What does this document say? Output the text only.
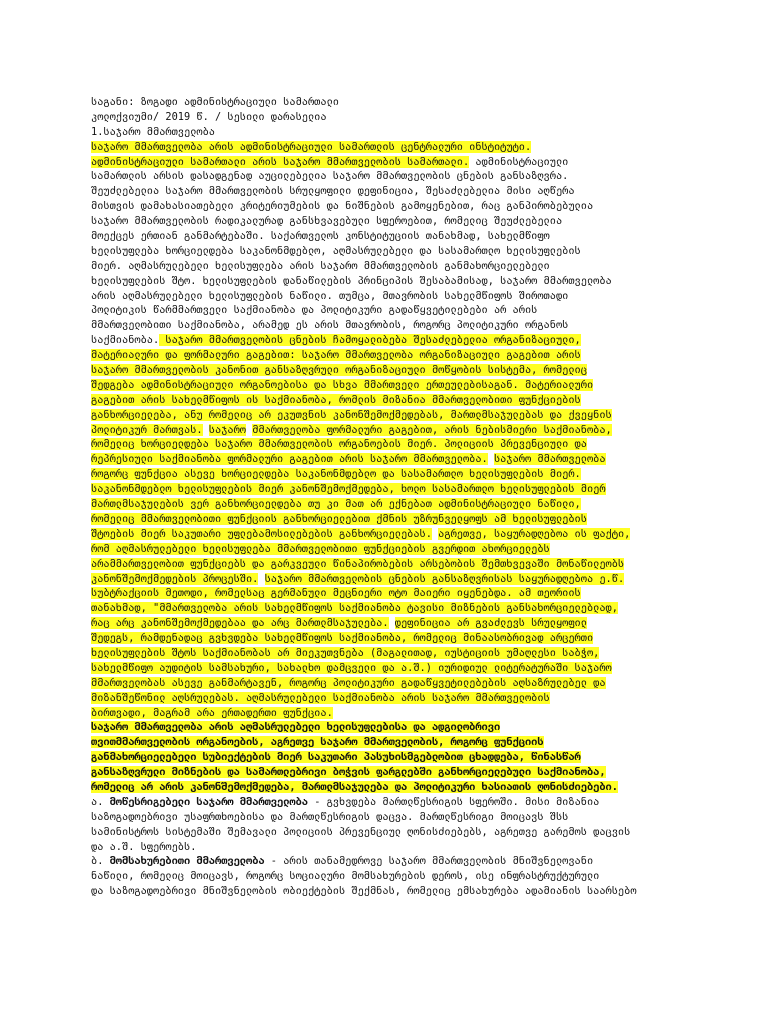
საგანი: ზოგადი ადმინისტრაციული სამართალი
კოლოქვიუმი/ 2019 წ. / სესილი დარასელია
1.საჯარო მმართველობა
საჯარო მმართველობა არის ადმინისტრაციული სამართლის ცენტრალური ინსტიტუტი.
ადმინისტრაციული სამართალი არის საჯარო მმართველობის სამართალი. ადმინისტრაციული
სამართლის არსის დასადგენად აუცილებელია საჯარო მმართველობის ცნების განსაზღვრა.
შეუძლებელია საჯარო მმართველობის სრულყოფილი დეფინიცია, შესაძლებელია მისი აღწერა
მისთვის დამახასიათებელი კრიტერიუმების და ნიშნების გამოყენებით, რაც განპირობებულია
საჯარო მმართველობის რადიკალურად განსხვავებული სფეროებით, რომელიც შეუძლებელია
მოექცეს ერთიან განმარტებაში. საქართველოს კონსტიტუციის თანახმად, სახელმწიფო
ხელისუფლება ხორციელდება საკანონმდებლო, აღმასრულებელი და სასამართლო ხელისუფლების
მიერ. აღმასრულებელი ხელისუფლება არის საჯარო მმართველობის განმახორციელებელი
ხელისუფლების შტო. ხელისუფლების დანაწილების პრინციპის შესაბამისად, საჯარო მმართველობა
არის აღმასრულებელი ხელისუფლების ნაწილი. თუმცა, მთავრობის სახელმწიფოს შიროთადი
პოლიტიკის წარმმართველი საქმიანობა და პოლიტიკური გადაწყვეტილებები არ არის
მმართველობითი საქმიანობა, არამედ ეს არის მთავრობის, როგორც პოლიტიკური ორგანოს
საქმიანობა. საჯარო მმართველობის ცნების ჩამოყალიბება შესაძლებელია ორგანიზაციული,
მატერიალური და ფორმალური გაგებით: საჯარო მმართველობა ორგანიზაციული გაგებით არის
საჯარო მმართველობის კანონით განსაზღვრული ორგანიზაციული მოწყობის სისტემა, რომელიც
შედგება ადმინისტრაციული ორგანოებისა და სხვა მმართველი ერთეულებისაგან. მატერიალური
გაგებით არის სახელმწიფოს ის საქმიანობა, რომლის მიზანია მმართველობითი ფუნქციების
განხორციელება, ანუ რომელიც არ ეკუთვნის კანონშემოქმედებას, მართლმსაჯულებას და ქვეყნის
პოლიტიკურ მართვას. საჯარო მმართველობა ფორმალური გაგებით, არის ნებისმიერი საქმიანობა,
რომელიც ხორციელდება საჯარო მმართველობის ორგანოების მიერ. პოლიციის პრევენციული და
რეპრესიული საქმიანობა ფორმალური გაგებით არის საჯარო მმართველობა. საჯარო მმართველობა
როგორც ფუნქცია ასევე ხორციელდება საკანონმდებლო და სასამართლო ხელისუფლების მიერ.
საკანონმდებლო ხელისუფლების მიერ კანონშემოქმედება, ხოლო სასამართლო ხელისუფლების მიერ
მართლმსაჯულების ვერ განხორციელდება თუ კი მათ არ ექნებათ ადმინისტრაციული ნაწილი,
რომელიც მმართველობითი ფუნქციის განხორციელებით ქმნის უზრუნველყოფს ამ ხელისუფლების
შტოების მიერ საკუთარი უფლებამოსილებების განხორციელებას. აგრეთვე, საყურადღებოა ის ფაქტი,
რომ აღმასრულებელი ხელისუფლება მმართველობითი ფუნქციების გვერდით ახორციელებს
არამმართველობით ფუნქციებს და გარკვეული წინაპირობების არსებობის შემთხვევაში მონაწილეობს
კანონშემოქმედების პროცესში. საჯარო მმართველობის ცნების განსაზღვრისას საყურადღებოა ე.წ.
სუბტრაქციის მეთოდი, რომელსაც გერმანული მეცნიერი ოტო მაიერი იყენებდა. ამ თეორიის
თანახმად, "მმართველობა არის სახელმწიფოს საქმიანობა ტავისი მიზნების განსახორციელებლად,
რაც არც კანონშემოქმედებაა და არც მართლმსაჯულება. დეფინიცია არ გვაძლევს სრულყოფილ
შედეგს, რამდენადაც გვხვდება სახელმწიფოს საქმიანობა, რომელიც მინაასობრივად არცერთი
ხელისუფლების შტოს საქმიანობას არ მიეკუთვნება (მაგალითად, იუსტიციის უმაღლესი საბჭო,
სახელმწიფო აუდიტის სამსახური, სახალხო დამცველი და ა.შ.) იურიდიულ ლიტერატურაში საჯარო
მმართველობას ასევე განმარტავენ, როგორც პოლიტიკური გადაწყვეტილებების აღსაზრულებელ და
მიზანშეწონილ აღსრულებას. აღმასრულებელი საქმიანობა არის საჯარო მმართველობის
ბირთვადი, მაგრამ არა ერთადერთი ფუნქცია.
საჯარო მმართველობა არის აღმასრულებელი ხელისუფლებისა და ადგილობრივი
თვითმმართველობის ორგანოების, აგრეთვე საჯარო მმართველობის, როგორც ფუნქციის
განმახორციელებელი სუბიექტების მიერ საკუთარი პასუხისმგებლობით ცხადდება, წინასწარ
განსაზღვრული მიზნების და სამართლებრივი ბოჭვის ფარგლებში განხორციელებული საქმიანობა,
რომელიც არ არის კანონშემოქმედება, მართლმსაჯულება და პოლიტიკური ხასიათის ღონისძიებები.
ა. მოწესრიგებელი საჯარო მმართველობა - გვხვდება მართლწესრიგის სფეროში. მისი მიზანია
საზოგადოებრივი უსაფრთხოებისა და მართლწესრიგის დაცვა. მართლწესრიგი მოიცავს შსს
სამინისტროს სისტემაში შემავალი პოლიციის პრევენციულ ღონისძიებებს, აგრეთვე გარემოს დაცვის
და ა.შ. სფეროებს.
ბ. მომსახურებითი მმართველობა - არის თანამედროვე საჯარო მმართველობის მნიშვნელოვანი
ნაწილი, რომელიც მოიცავს, როგორც სოციალური მომსახურების დეროს, ისე ინფრასტრუქტურული
და საზოგადოებრივი მნიშვნელობის ობიექტების შექმნას, რომელიც ემსახურება ადამიანის საარსებო
